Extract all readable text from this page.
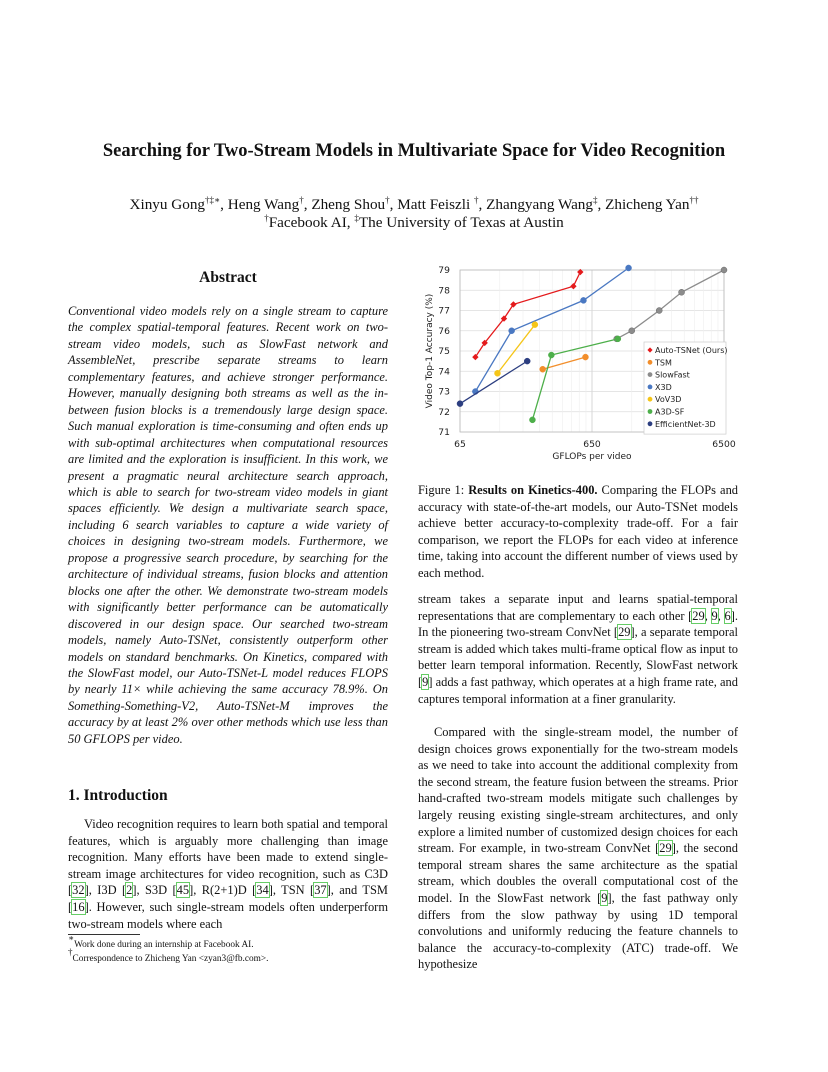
Searching for Two-Stream Models in Multivariate Space for Video Recognition
Xinyu Gong†‡∗, Heng Wang†, Zheng Shou†, Matt Feiszli †, Zhangyang Wang‡, Zhicheng Yan††
†Facebook AI, ‡The University of Texas at Austin
Abstract
Conventional video models rely on a single stream to capture the complex spatial-temporal features. Recent work on two-stream video models, such as SlowFast network and AssembleNet, prescribe separate streams to learn complementary features, and achieve stronger performance. However, manually designing both streams as well as the in-between fusion blocks is a tremendously large design space. Such manual exploration is time-consuming and often ends up with sub-optimal architectures when computational resources are limited and the exploration is insufficient. In this work, we present a pragmatic neural architecture search approach, which is able to search for two-stream video models in giant spaces efficiently. We design a multivariate search space, including 6 search variables to capture a wide variety of choices in designing two-stream models. Furthermore, we propose a progressive search procedure, by searching for the architecture of individual streams, fusion blocks and attention blocks one after the other. We demonstrate two-stream models with significantly better performance can be automatically discovered in our design space. Our searched two-stream models, namely Auto-TSNet, consistently outperform other models on standard benchmarks. On Kinetics, compared with the SlowFast model, our Auto-TSNet-L model reduces FLOPS by nearly 11× while achieving the same accuracy 78.9%. On Something-Something-V2, Auto-TSNet-M improves the accuracy by at least 2% over other methods which use less than 50 GFLOPS per video.
1. Introduction
Video recognition requires to learn both spatial and temporal features, which is arguably more challenging than image recognition. Many efforts have been made to extend single-stream image architectures for video recognition, such as C3D [32], I3D [2], S3D [45], R(2+1)D [34], TSN [37], and TSM [16]. However, such single-stream models often underperform two-stream models where each
∗Work done during an internship at Facebook AI.
†Correspondence to Zhicheng Yan <zyan3@fb.com>.
71
72
73
74
75
76
77
78
79
65	650	6500
GFLOPs per video
Video Top-1 Accuracy (%)	Auto-TSNet (Ours)
TSM
SlowFast
X3D
VoV3D
A3D-SF
EfficientNet-3D
Figure 1: Results on Kinetics-400. Comparing the FLOPs and accuracy with state-of-the-art models, our Auto-TSNet models achieve better accuracy-to-complexity trade-off. For a fair comparison, we report the FLOPs for each video at inference time, taking into account the different number of views used by each method.
stream takes a separate input and learns spatial-temporal representations that are complementary to each other [29, 9, 6]. In the pioneering two-stream ConvNet [29], a separate temporal stream is added which takes multi-frame optical flow as input to better learn temporal information. Recently, SlowFast network [9] adds a fast pathway, which operates at a high frame rate, and captures temporal information at a finer granularity.
Compared with the single-stream model, the number of design choices grows exponentially for the two-stream models as we need to take into account the additional complexity from the second stream, the feature fusion between the streams. Prior hand-crafted two-stream models mitigate such challenges by largely reusing existing single-stream architectures, and only explore a limited number of customized design choices for each stream. For example, in two-stream ConvNet [29], the second temporal stream shares the same architecture as the spatial stream, which doubles the overall computational cost of the model. In the SlowFast network [9], the fast pathway only differs from the slow pathway by using 1D temporal convolutions and uniformly reducing the feature channels to balance the accuracy-to-complexity (ATC) trade-off. We hypothesize
